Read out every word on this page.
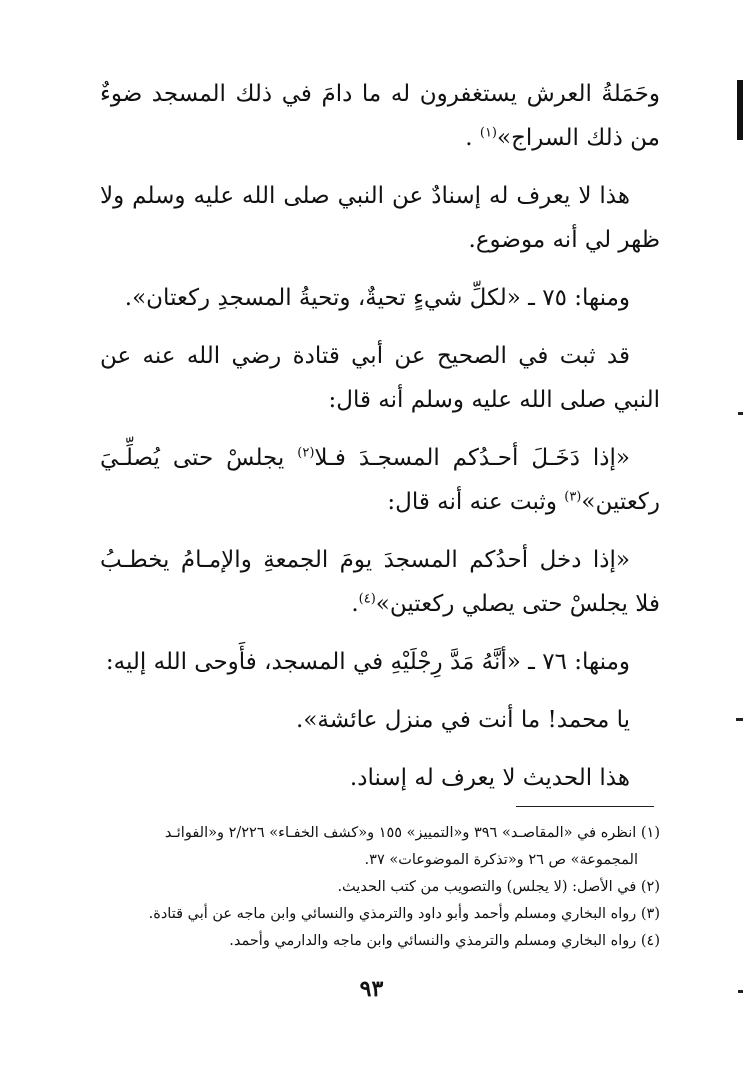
وحَمَلةُ العرش يستغفرون له ما دامَ في ذلك المسجد ضوءٌ من ذلك السراج»$^{(١)}$ .

هذا لا يعرف له إسنادٌ عن النبي صلى الله عليه وسلم ولا ظهر لي أنه موضوع.

ومنها: ٧٥ ـ «لكلِّ شيءٍ تحيةٌ، وتحيةُ المسجدِ ركعتان».

قد ثبت في الصحيح عن أبي قتادة رضي الله عنه عن النبي صلى الله عليه وسلم أنه قال:

«إذا دَخَـلَ أحـدُكم المسجـدَ فـلا$^{(٢)}$ يجلسْ حتى يُصلِّـيَ ركعتين»$^{(٣)}$ وثبت عنه أنه قال:

«إذا دخل أحدُكم المسجدَ يومَ الجمعةِ والإمـامُ يخطـبُ فلا يجلسْ حتى يصلي ركعتين»$^{(٤)}$.

ومنها: ٧٦ ـ «أنَّهُ مَدَّ رِجْلَيْهِ في المسجد، فأَوحى الله إليه:

يا محمد! ما أنت في منزل عائشة».

هذا الحديث لا يعرف له إسناد.

(١) انظره في «المقاصـد» ٣٩٦ و«التمييز» ١٥٥ و«كشف الخفـاء» ٢/٢٢٦ و«الفوائـد

المجموعة» ص ٢٦ و«تذكرة الموضوعات» ٣٧.

(٢) في الأصل: (لا يجلس) والتصويب من كتب الحديث.

(٣) رواه البخاري ومسلم وأحمد وأبو داود والترمذي والنسائي وابن ماجه عن أبي قتادة.

(٤) رواه البخاري ومسلم والترمذي والنسائي وابن ماجه والدارمي وأحمد.

٩٣
